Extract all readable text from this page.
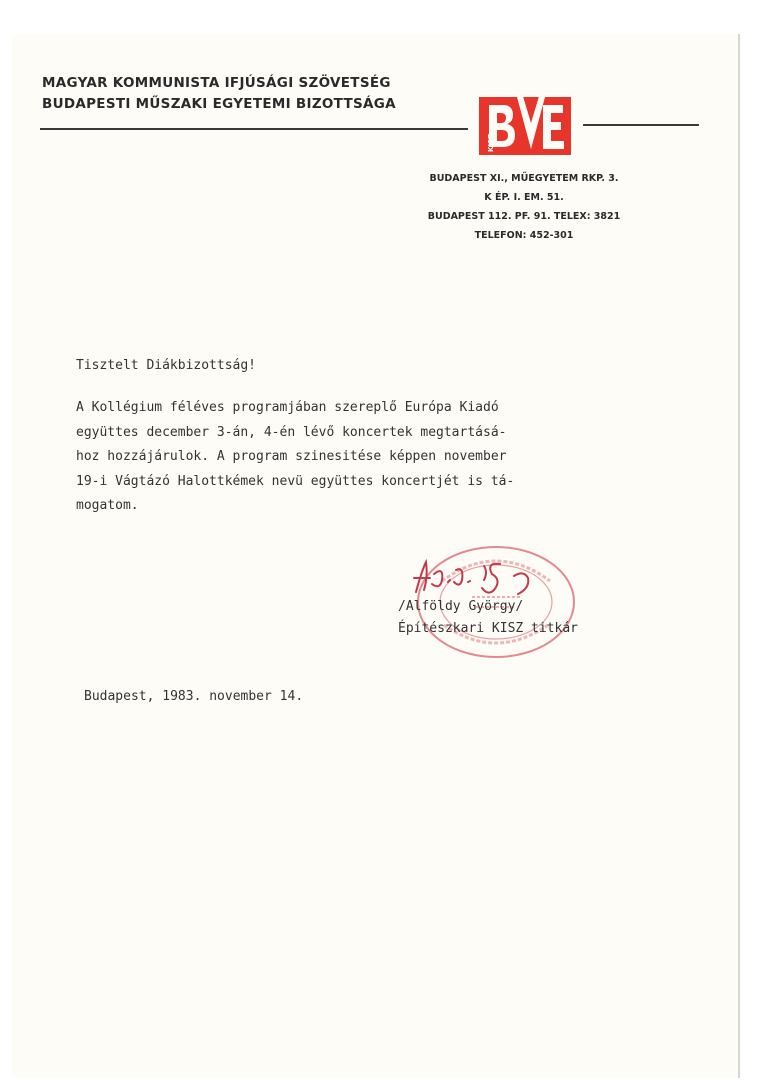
MAGYAR KOMMUNISTA IFJÚSÁGI SZÖVETSÉG
BUDAPESTI MŰSZAKI EGYETEMI BIZOTTSÁGA
KISZ
BUDAPEST XI., MŰEGYETEM RKP. 3.
K ÉP. I. EM. 51.
BUDAPEST 112. PF. 91. TELEX: 3821
TELEFON: 452-301
Tisztelt Diákbizottság!
A Kollégium féléves programjában szereplő Európa Kiadó
együttes december 3-án, 4-én lévő koncertek megtartásá-
hoz hozzájárulok. A program szinesitése képpen november
19-i Vágtázó Halottkémek nevü együttes koncertjét is tá-
mogatom.
/Alföldy György/
Építészkari KISZ titkár
Budapest, 1983. november 14.
